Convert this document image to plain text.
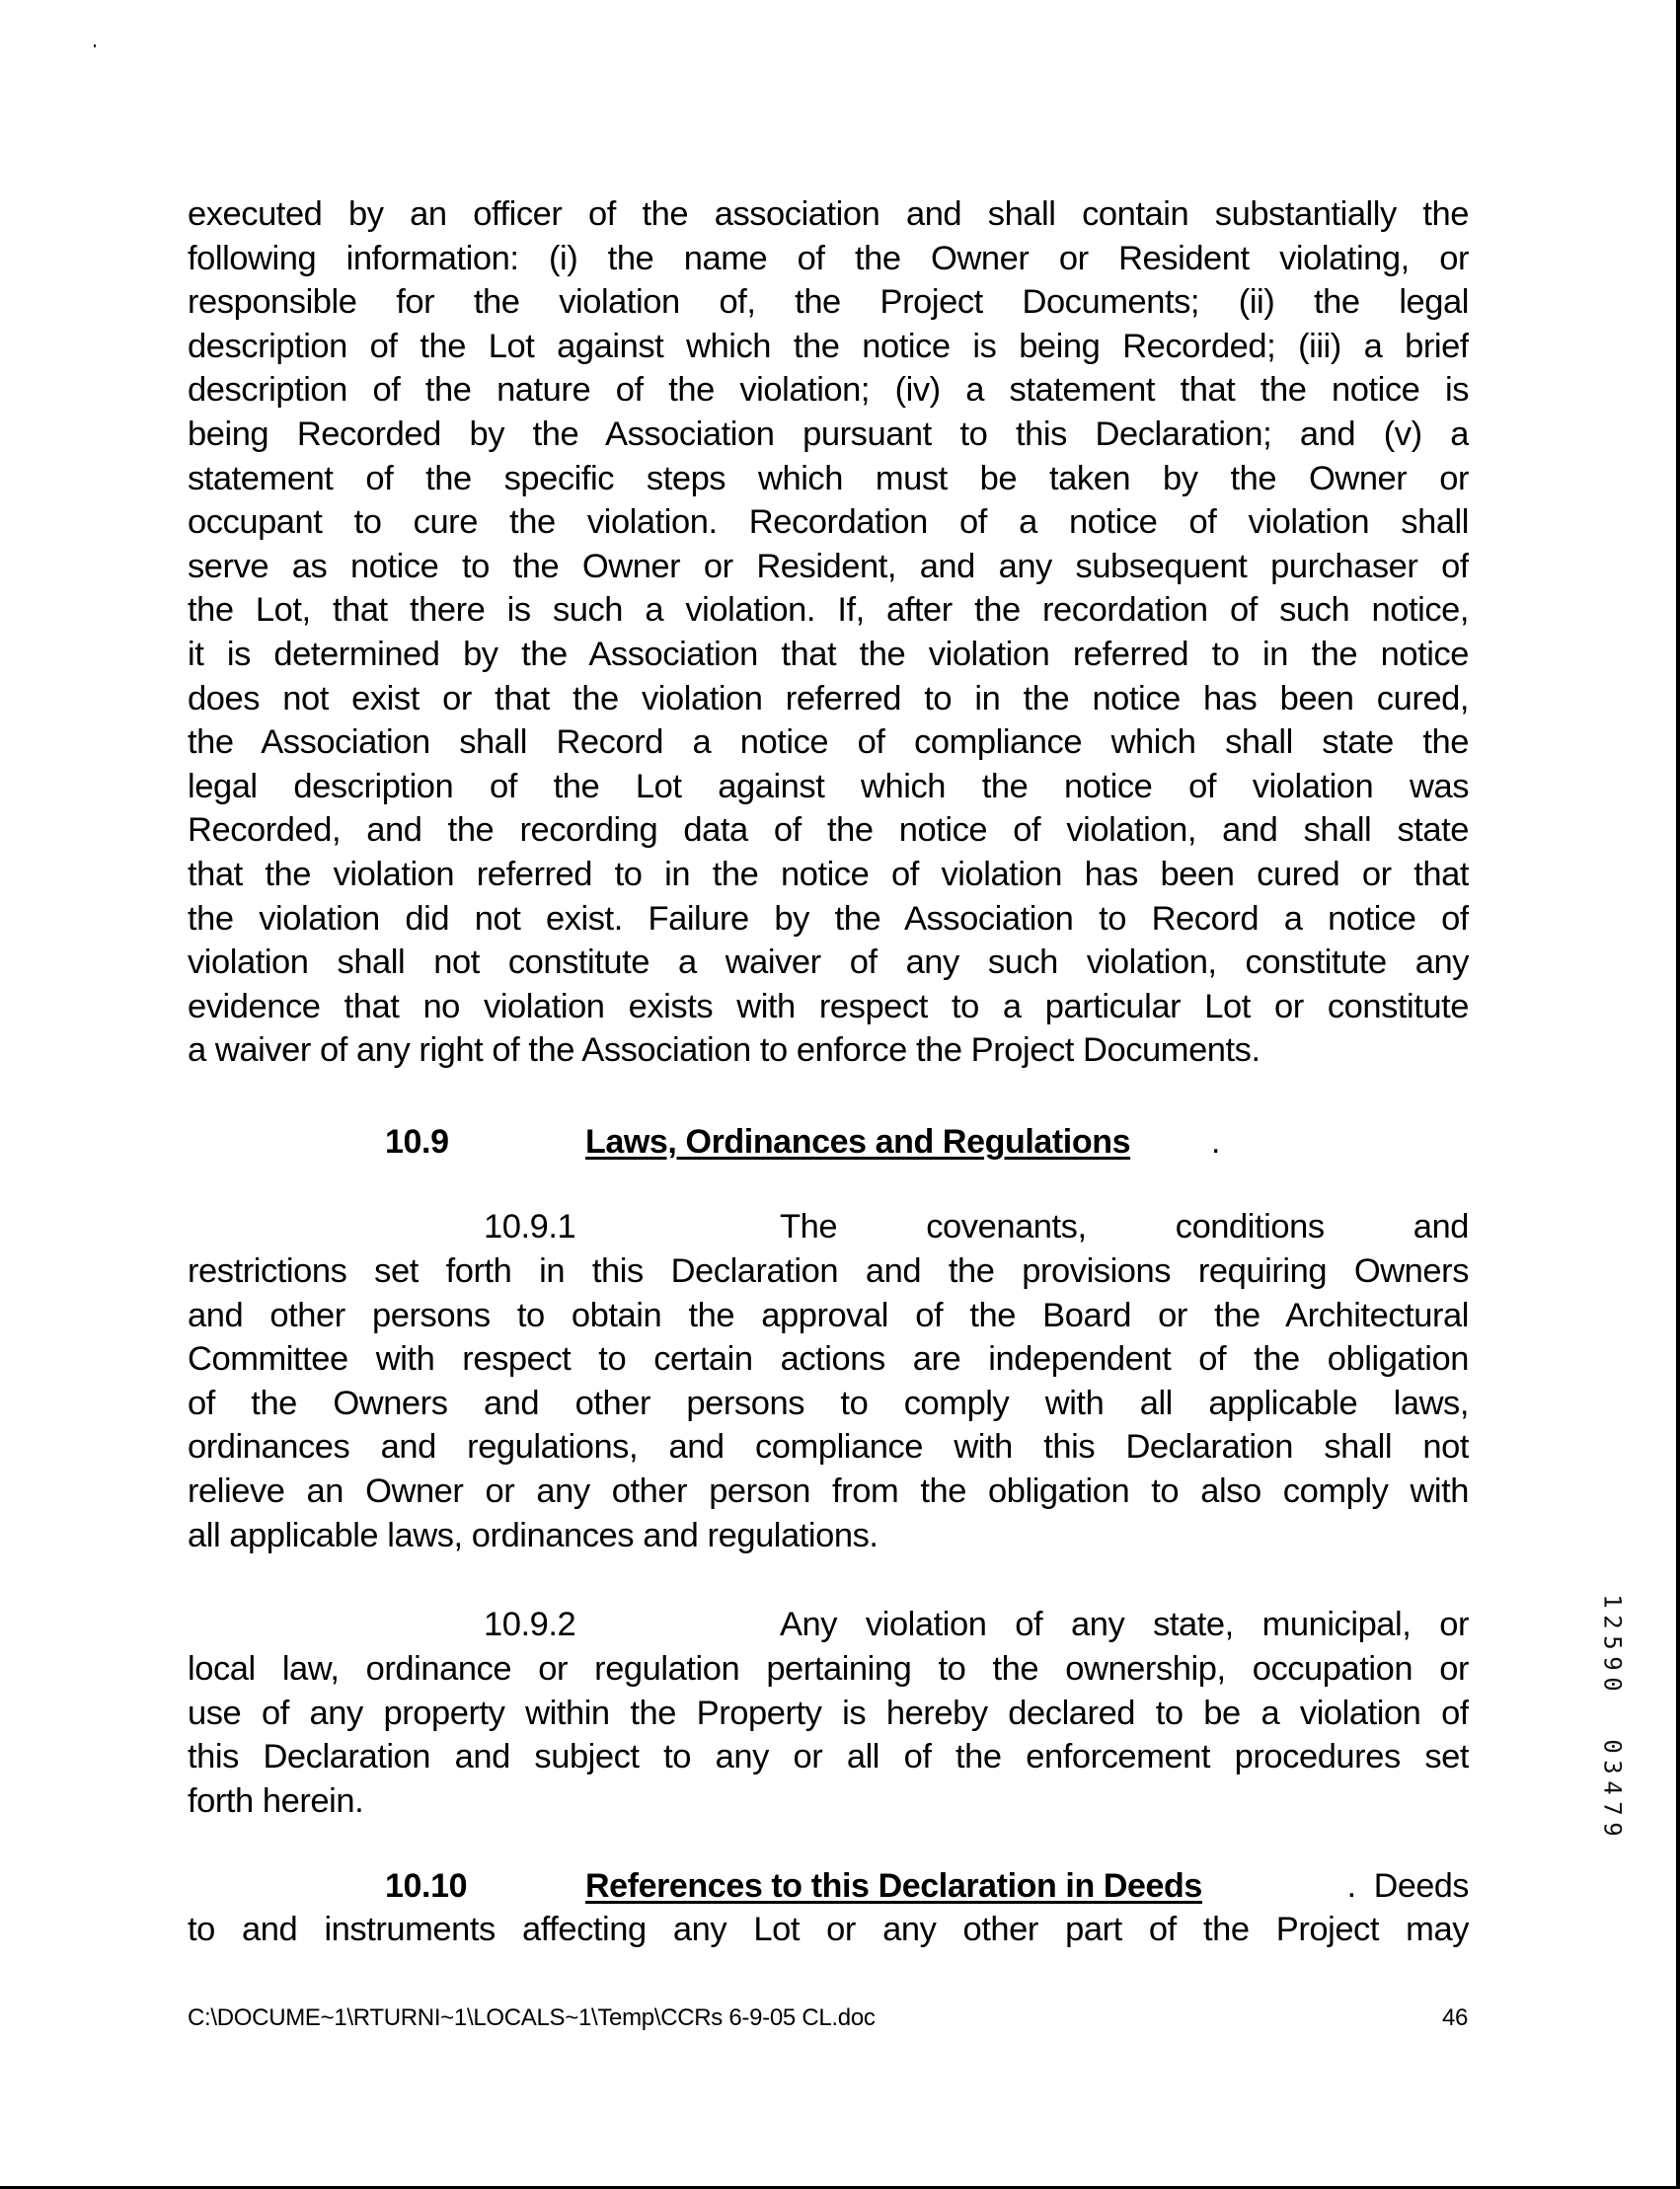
executed by an officer of the association and shall contain substantially the
following information: (i) the name of the Owner or Resident violating, or
responsible for the violation of, the Project Documents; (ii) the legal
description of the Lot against which the notice is being Recorded; (iii) a brief
description of the nature of the violation; (iv) a statement that the notice is
being Recorded by the Association pursuant to this Declaration; and (v) a
statement of the specific steps which must be taken by the Owner or
occupant to cure the violation. Recordation of a notice of violation shall
serve as notice to the Owner or Resident, and any subsequent purchaser of
the Lot, that there is such a violation. If, after the recordation of such notice,
it is determined by the Association that the violation referred to in the notice
does not exist or that the violation referred to in the notice has been cured,
the Association shall Record a notice of compliance which shall state the
legal description of the Lot against which the notice of violation was
Recorded, and the recording data of the notice of violation, and shall state
that the violation referred to in the notice of violation has been cured or that
the violation did not exist. Failure by the Association to Record a notice of
violation shall not constitute a waiver of any such violation, constitute any
evidence that no violation exists with respect to a particular Lot or constitute
a waiver of any right of the Association to enforce the Project Documents.
10.9	Laws, Ordinances and Regulations .
10.9.1	The covenants, conditions and
restrictions set forth in this Declaration and the provisions requiring Owners
and other persons to obtain the approval of the Board or the Architectural
Committee with respect to certain actions are independent of the obligation
of the Owners and other persons to comply with all applicable laws,
ordinances and regulations, and compliance with this Declaration shall not
relieve an Owner or any other person from the obligation to also comply with
all applicable laws, ordinances and regulations.
10.9.2	Any violation of any state, municipal, or
local law, ordinance or regulation pertaining to the ownership, occupation or
use of any property within the Property is hereby declared to be a violation of
this Declaration and subject to any or all of the enforcement procedures set
forth herein.
10.10	References to this Declaration in Deeds	. Deeds
to and instruments affecting any Lot or any other part of the Project may
C:\DOCUME~1\RTURNI~1\LOCALS~1\Temp\CCRs 6-9-05 CL.doc	46
1
2
5
9
0
0
3
4
7
9
